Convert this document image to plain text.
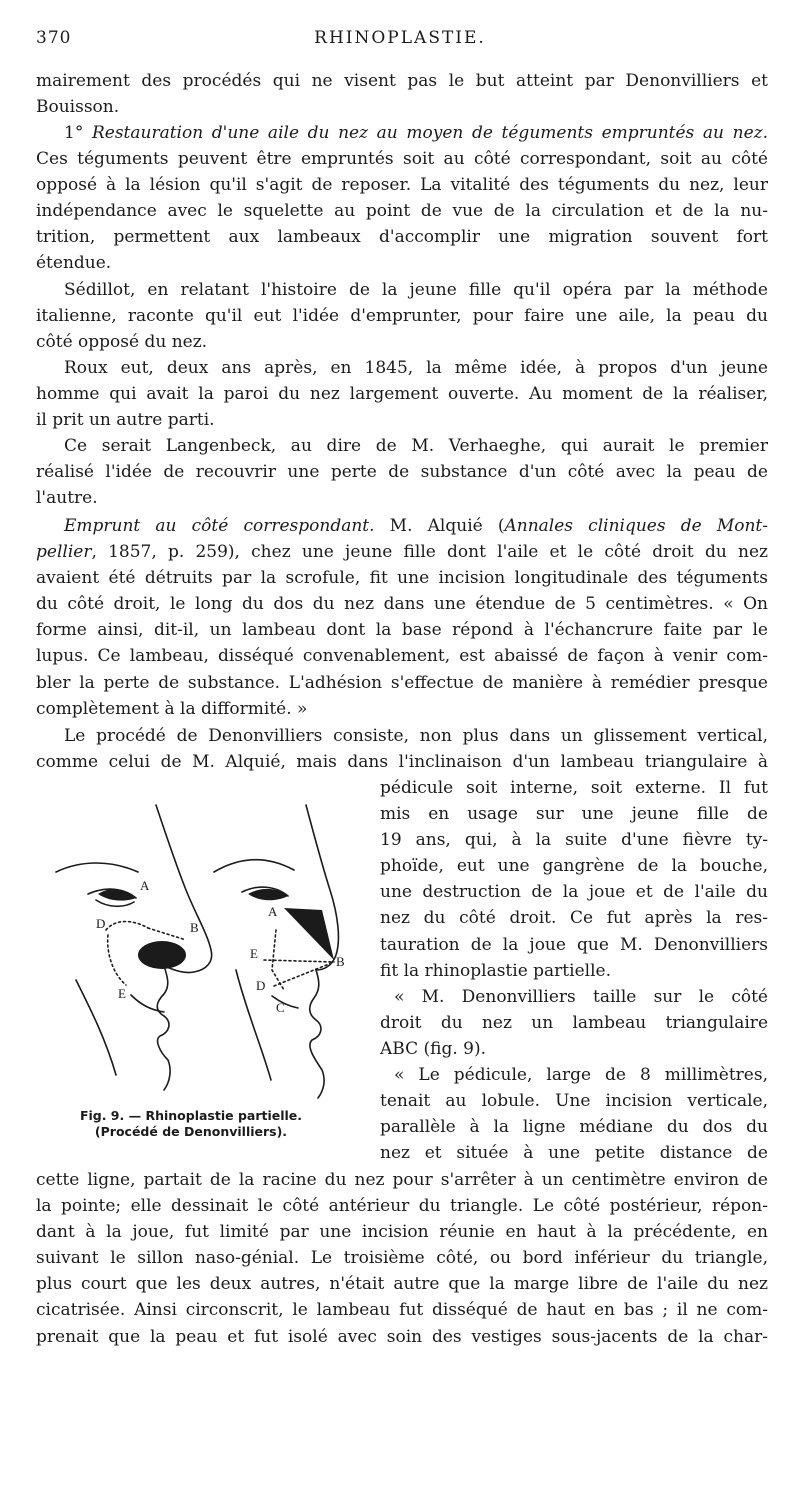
370	RHINOPLASTIE.
mairement des procédés qui ne visent pas le but atteint par Denonvilliers et
Bouisson.
1° Restauration d'une aile du nez au moyen de téguments empruntés au nez.
Ces téguments peuvent être empruntés soit au côté correspondant, soit au côté
opposé à la lésion qu'il s'agit de reposer. La vitalité des téguments du nez, leur
indépendance avec le squelette au point de vue de la circulation et de la nu-
trition, permettent aux lambeaux d'accomplir une migration souvent fort
étendue.
Sédillot, en relatant l'histoire de la jeune fille qu'il opéra par la méthode
italienne, raconte qu'il eut l'idée d'emprunter, pour faire une aile, la peau du
côté opposé du nez.
Roux eut, deux ans après, en 1845, la même idée, à propos d'un jeune
homme qui avait la paroi du nez largement ouverte. Au moment de la réaliser,
il prit un autre parti.
Ce serait Langenbeck, au dire de M. Verhaeghe, qui aurait le premier
réalisé l'idée de recouvrir une perte de substance d'un côté avec la peau de
l'autre.
Emprunt au côté correspondant. M. Alquié (Annales cliniques de Mont-
pellier, 1857, p. 259), chez une jeune fille dont l'aile et le côté droit du nez
avaient été détruits par la scrofule, fit une incision longitudinale des téguments
du côté droit, le long du dos du nez dans une étendue de 5 centimètres. « On
forme ainsi, dit-il, un lambeau dont la base répond à l'échancrure faite par le
lupus. Ce lambeau, disséqué convenablement, est abaissé de façon à venir com-
bler la perte de substance. L'adhésion s'effectue de manière à remédier presque
complètement à la difformité. »
Le procédé de Denonvilliers consiste, non plus dans un glissement vertical,
comme celui de M. Alquié, mais dans l'inclinaison d'un lambeau triangulaire à
A
B
D
E
A
B
C
D
E
Fig. 9. — Rhinoplastie partielle.
(Procédé de Denonvilliers).
pédicule soit interne, soit externe. Il fut
mis en usage sur une jeune fille de
19 ans, qui, à la suite d'une fièvre ty-
phoïde, eut une gangrène de la bouche,
une destruction de la joue et de l'aile du
nez du côté droit. Ce fut après la res-
tauration de la joue que M. Denonvilliers
fit la rhinoplastie partielle.
« M. Denonvilliers taille sur le côté
droit du nez un lambeau triangulaire
ABC (fig. 9).
« Le pédicule, large de 8 millimètres,
tenait au lobule. Une incision verticale,
parallèle à la ligne médiane du dos du
nez et située à une petite distance de
cette ligne, partait de la racine du nez pour s'arrêter à un centimètre environ de
la pointe; elle dessinait le côté antérieur du triangle. Le côté postérieur, répon-
dant à la joue, fut limité par une incision réunie en haut à la précédente, en
suivant le sillon naso-génial. Le troisième côté, ou bord inférieur du triangle,
plus court que les deux autres, n'était autre que la marge libre de l'aile du nez
cicatrisée. Ainsi circonscrit, le lambeau fut disséqué de haut en bas ; il ne com-
prenait que la peau et fut isolé avec soin des vestiges sous-jacents de la char-
